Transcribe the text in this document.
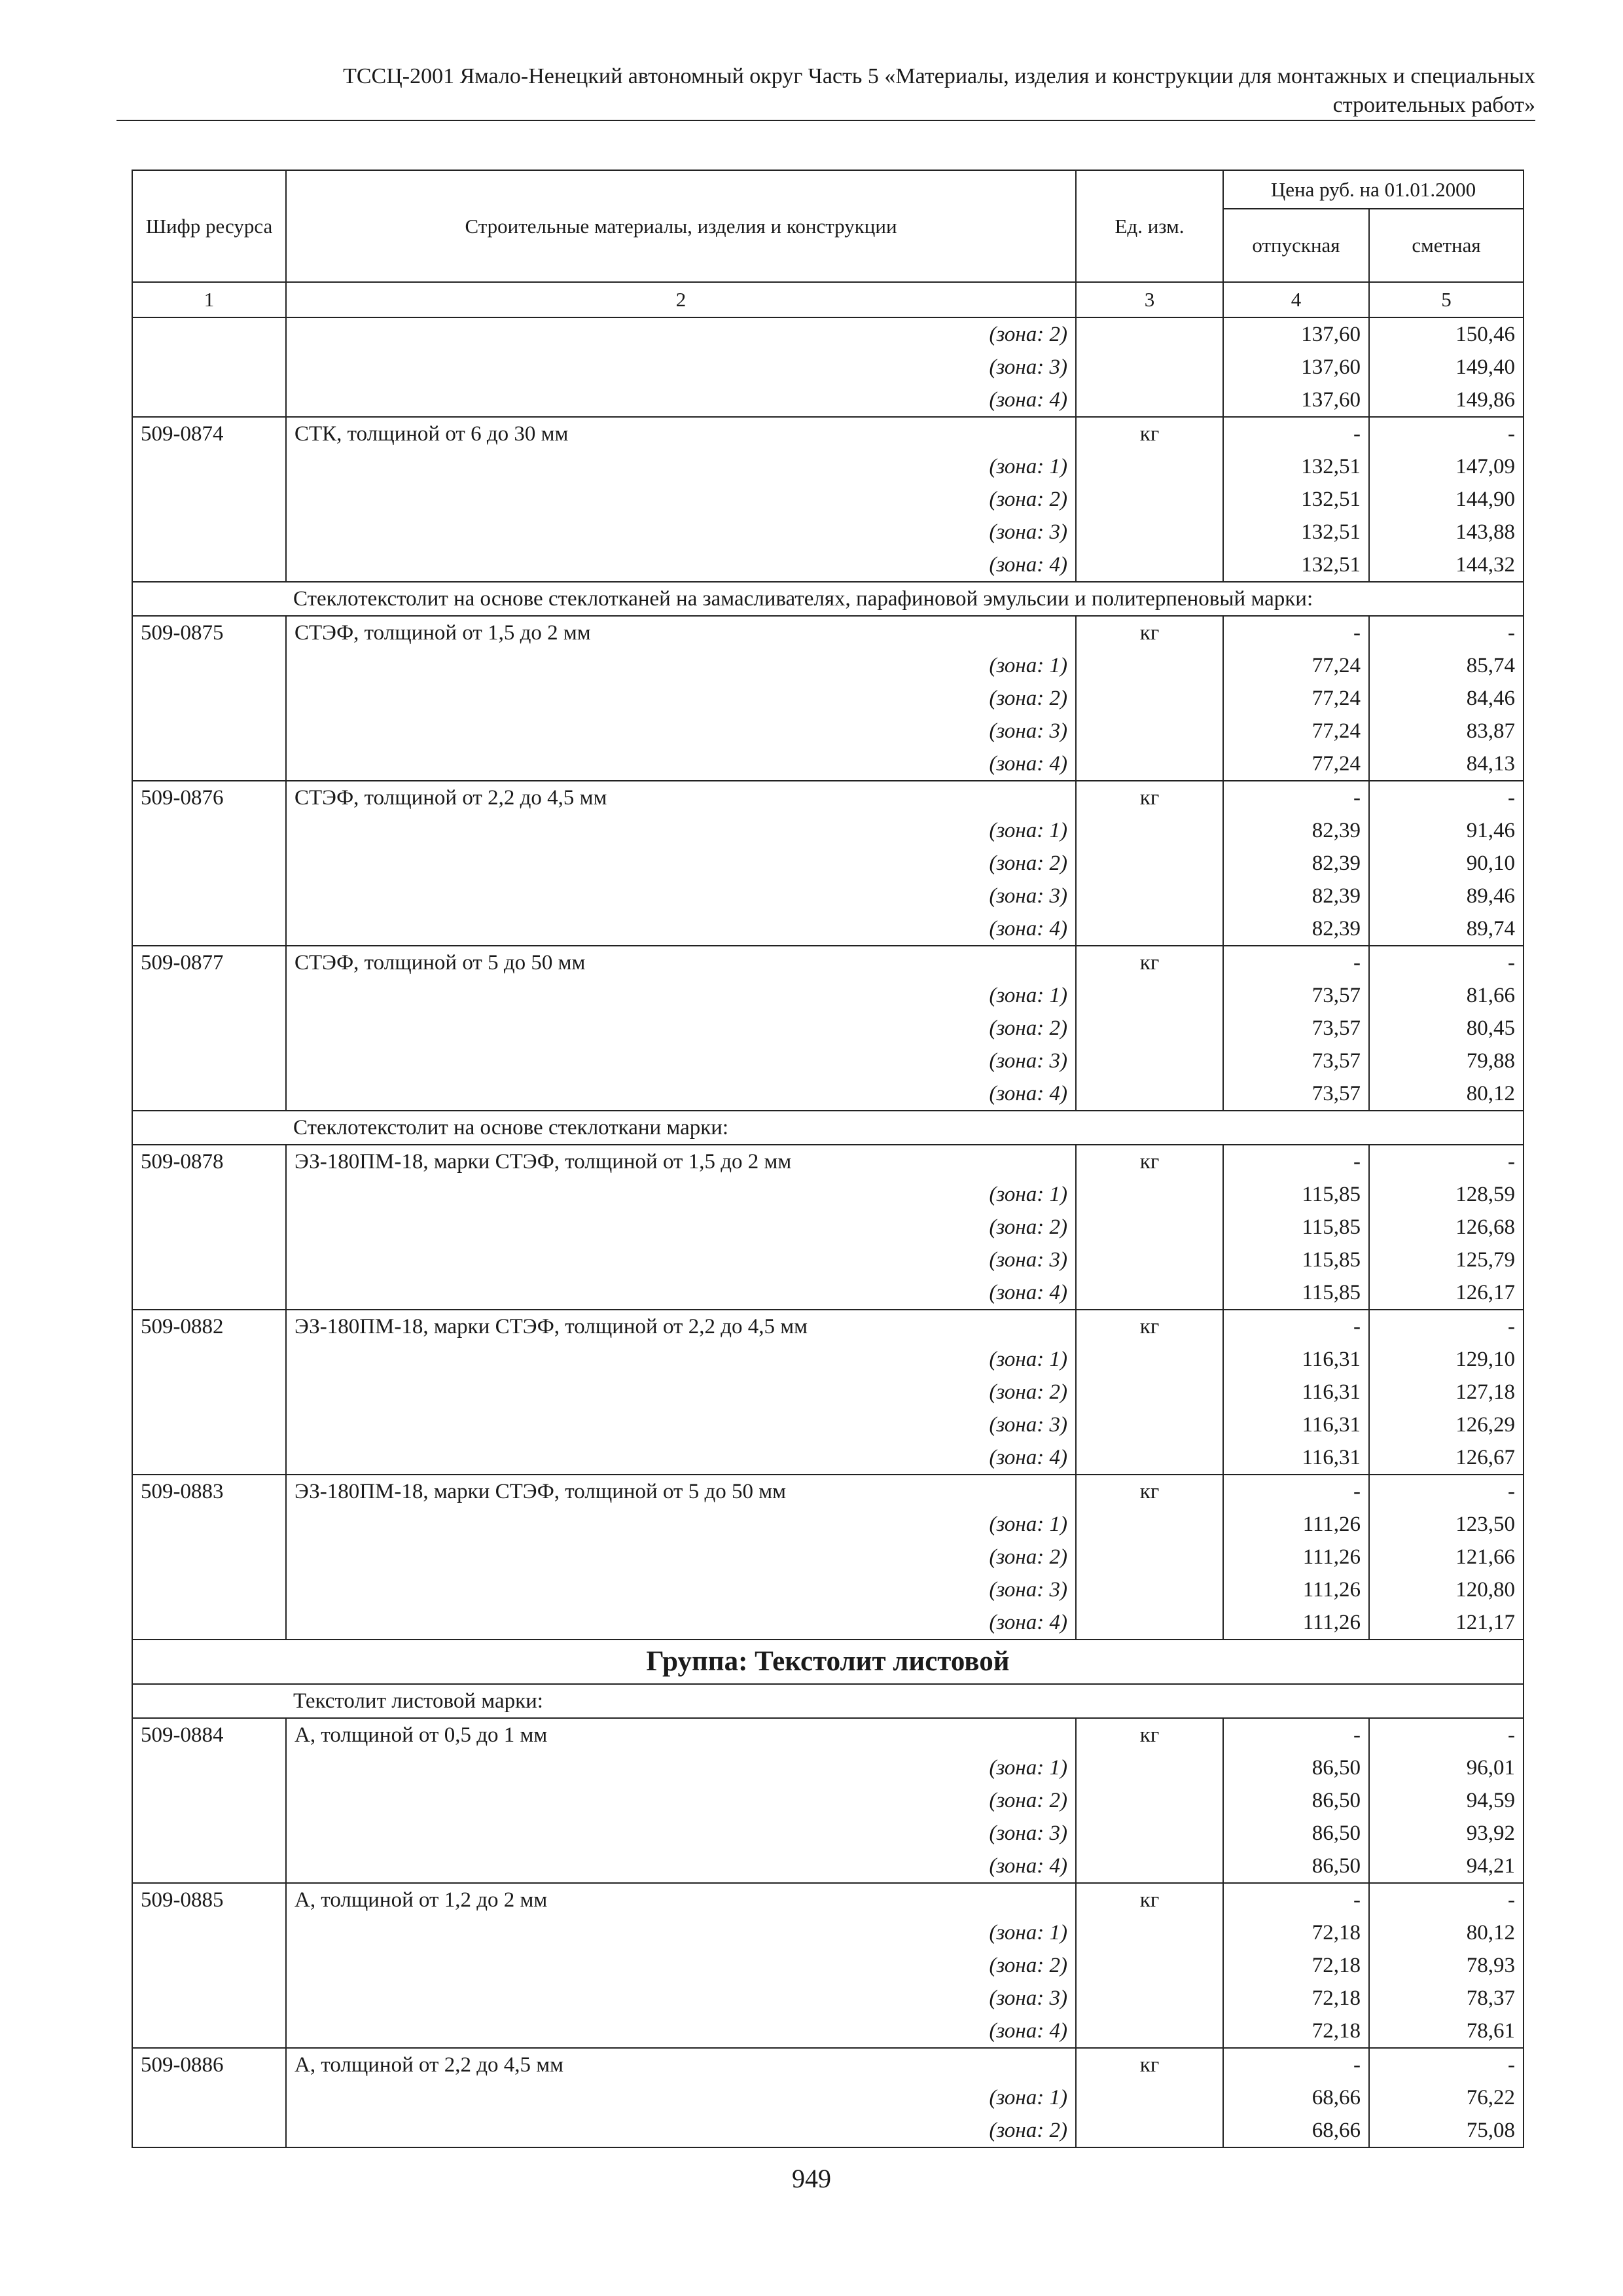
ТССЦ-2001 Ямало-Ненецкий автономный округ Часть 5 «Материалы, изделия и конструкции для монтажных и специальных
строительных работ»
Шифр ресурса	Строительные материалы, изделия и конструкции	Ед. изм.	Цена руб. на 01.01.2000	
			отпускная	сметная
1	2	3	4	5
	(зона: 2)		137,60	150,46
	(зона: 3)		137,60	149,40
	(зона: 4)		137,60	149,86
509-0874	СТК, толщиной от 6 до 30 мм	кг	-	-
	(зона: 1)		132,51	147,09
	(зона: 2)		132,51	144,90
	(зона: 3)		132,51	143,88
	(зона: 4)		132,51	144,32
Стеклотекстолит на основе стеклотканей на замасливателях, парафиновой эмульсии и политерпеновый марки:				
509-0875	СТЭФ, толщиной от 1,5 до 2 мм	кг	-	-
	(зона: 1)		77,24	85,74
	(зона: 2)		77,24	84,46
	(зона: 3)		77,24	83,87
	(зона: 4)		77,24	84,13
509-0876	СТЭФ, толщиной от 2,2 до 4,5 мм	кг	-	-
	(зона: 1)		82,39	91,46
	(зона: 2)		82,39	90,10
	(зона: 3)		82,39	89,46
	(зона: 4)		82,39	89,74
509-0877	СТЭФ, толщиной от 5 до 50 мм	кг	-	-
	(зона: 1)		73,57	81,66
	(зона: 2)		73,57	80,45
	(зона: 3)		73,57	79,88
	(зона: 4)		73,57	80,12
Стеклотекстолит на основе стеклоткани марки:				
509-0878	ЭЗ-180ПМ-18, марки СТЭФ, толщиной от 1,5 до 2 мм	кг	-	-
	(зона: 1)		115,85	128,59
	(зона: 2)		115,85	126,68
	(зона: 3)		115,85	125,79
	(зона: 4)		115,85	126,17
509-0882	ЭЗ-180ПМ-18, марки СТЭФ, толщиной от 2,2 до 4,5 мм	кг	-	-
	(зона: 1)		116,31	129,10
	(зона: 2)		116,31	127,18
	(зона: 3)		116,31	126,29
	(зона: 4)		116,31	126,67
509-0883	ЭЗ-180ПМ-18, марки СТЭФ, толщиной от 5 до 50 мм	кг	-	-
	(зона: 1)		111,26	123,50
	(зона: 2)		111,26	121,66
	(зона: 3)		111,26	120,80
	(зона: 4)		111,26	121,17
Группа: Текстолит листовой				
Текстолит листовой марки:				
509-0884	А, толщиной от 0,5 до 1 мм	кг	-	-
	(зона: 1)		86,50	96,01
	(зона: 2)		86,50	94,59
	(зона: 3)		86,50	93,92
	(зона: 4)		86,50	94,21
509-0885	А, толщиной от 1,2 до 2 мм	кг	-	-
	(зона: 1)		72,18	80,12
	(зона: 2)		72,18	78,93
	(зона: 3)		72,18	78,37
	(зона: 4)		72,18	78,61
509-0886	А, толщиной от 2,2 до 4,5 мм	кг	-	-
	(зона: 1)		68,66	76,22
	(зона: 2)		68,66	75,08
949
